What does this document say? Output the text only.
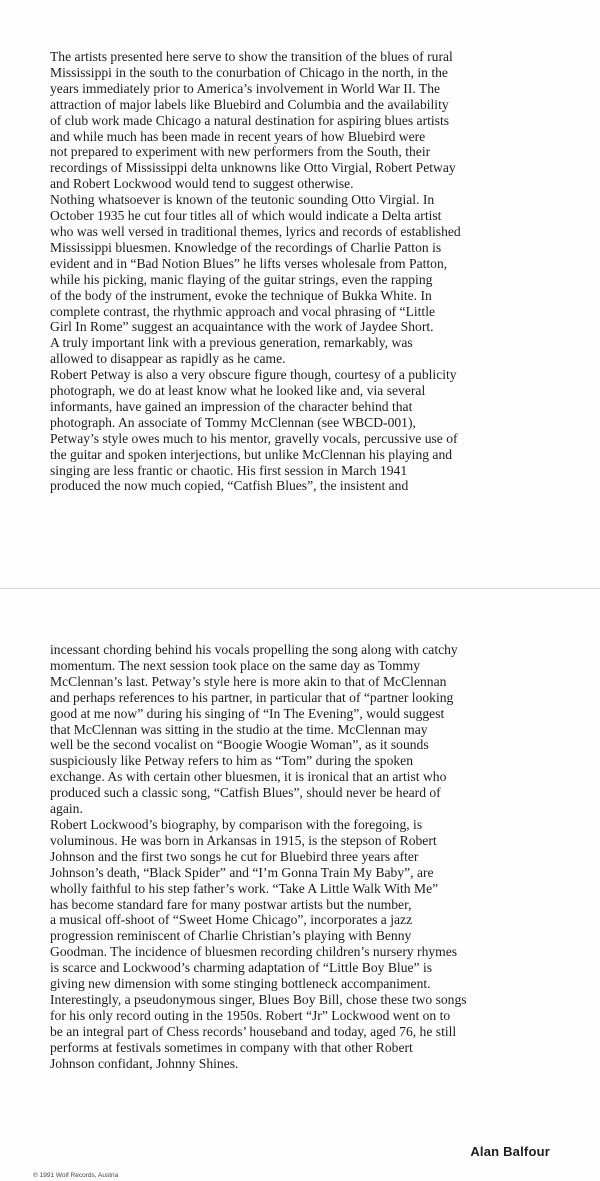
The artists presented here serve to show the transition of the blues of rural
Mississippi in the south to the conurbation of Chicago in the north, in the
years immediately prior to America’s involvement in World War II. The
attraction of major labels like Bluebird and Columbia and the availability
of club work made Chicago a natural destination for aspiring blues artists
and while much has been made in recent years of how Bluebird were
not prepared to experiment with new performers from the South, their
recordings of Mississippi delta unknowns like Otto Virgial, Robert Petway
and Robert Lockwood would tend to suggest otherwise.

Nothing whatsoever is known of the teutonic sounding Otto Virgial. In
October 1935 he cut four titles all of which would indicate a Delta artist
who was well versed in traditional themes, lyrics and records of established
Mississippi bluesmen. Knowledge of the recordings of Charlie Patton is
evident and in “Bad Notion Blues” he lifts verses wholesale from Patton,
while his picking, manic flaying of the guitar strings, even the rapping
of the body of the instrument, evoke the technique of Bukka White. In
complete contrast, the rhythmic approach and vocal phrasing of “Little
Girl In Rome” suggest an acquaintance with the work of Jaydee Short.
A truly important link with a previous generation, remarkably, was
allowed to disappear as rapidly as he came.

Robert Petway is also a very obscure figure though, courtesy of a publicity
photograph, we do at least know what he looked like and, via several
informants, have gained an impression of the character behind that
photograph. An associate of Tommy McClennan (see WBCD-001),
Petway’s style owes much to his mentor, gravelly vocals, percussive use of
the guitar and spoken interjections, but unlike McClennan his playing and
singing are less frantic or chaotic. His first session in March 1941
produced the now much copied, “Catfish Blues”, the insistent and

incessant chording behind his vocals propelling the song along with catchy
momentum. The next session took place on the same day as Tommy
McClennan’s last. Petway’s style here is more akin to that of McClennan
and perhaps references to his partner, in particular that of “partner looking
good at me now” during his singing of “In The Evening”, would suggest
that McClennan was sitting in the studio at the time. McClennan may
well be the second vocalist on “Boogie Woogie Woman”, as it sounds
suspiciously like Petway refers to him as “Tom” during the spoken
exchange. As with certain other bluesmen, it is ironical that an artist who
produced such a classic song, “Catfish Blues”, should never be heard of
again.

Robert Lockwood’s biography, by comparison with the foregoing, is
voluminous. He was born in Arkansas in 1915, is the stepson of Robert
Johnson and the first two songs he cut for Bluebird three years after
Johnson’s death, “Black Spider” and “I’m Gonna Train My Baby”, are
wholly faithful to his step father’s work. “Take A Little Walk With Me”
has become standard fare for many postwar artists but the number,
a musical off-shoot of “Sweet Home Chicago”, incorporates a jazz
progression reminiscent of Charlie Christian’s playing with Benny
Goodman. The incidence of bluesmen recording children’s nursery rhymes
is scarce and Lockwood’s charming adaptation of “Little Boy Blue” is
giving new dimension with some stinging bottleneck accompaniment.
Interestingly, a pseudonymous singer, Blues Boy Bill, chose these two songs
for his only record outing in the 1950s. Robert “Jr” Lockwood went on to
be an integral part of Chess records’ houseband and today, aged 76, he still
performs at festivals sometimes in company with that other Robert
Johnson confidant, Johnny Shines.

Alan Balfour
℗ 1991 Wolf Records, Austria
